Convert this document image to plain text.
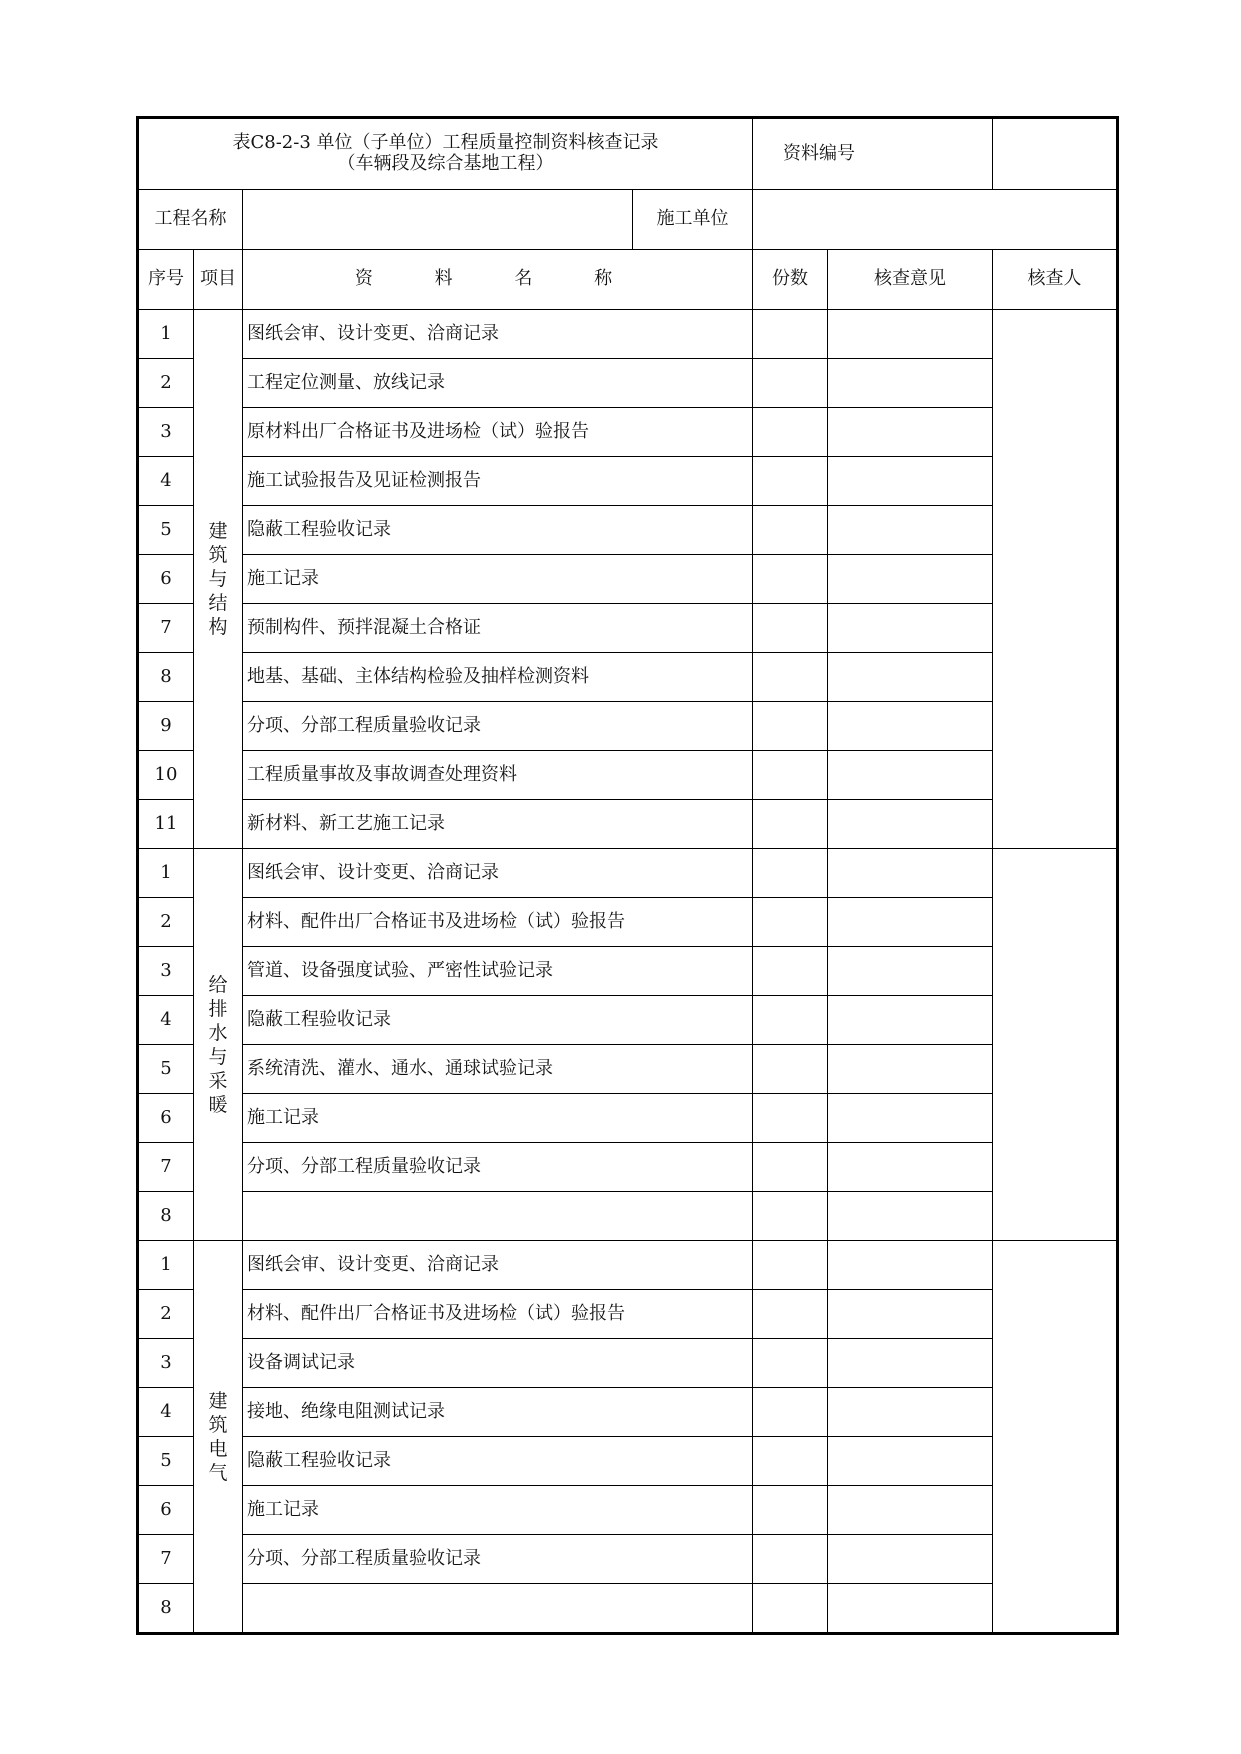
表C8-2-3 单位（子单位）工程质量控制资料核查记录
（车辆段及综合基地工程）				资料编号		
工程名称			施工单位			
序号	项目	资 料 名 称		份数	核查意见	核查人
1	建筑与结构	图纸会审、设计变更、洽商记录				
2		工程定位测量、放线记录				
3		原材料出厂合格证书及进场检（试）验报告				
4		施工试验报告及见证检测报告				
5		隐蔽工程验收记录				
6		施工记录				
7		预制构件、预拌混凝土合格证				
8		地基、基础、主体结构检验及抽样检测资料				
9		分项、分部工程质量验收记录				
10		工程质量事故及事故调查处理资料				
11		新材料、新工艺施工记录				
1	给排水与采暖	图纸会审、设计变更、洽商记录				
2		材料、配件出厂合格证书及进场检（试）验报告				
3		管道、设备强度试验、严密性试验记录				
4		隐蔽工程验收记录				
5		系统清洗、灌水、通水、通球试验记录				
6		施工记录				
7		分项、分部工程质量验收记录				
8						
1	建筑电气	图纸会审、设计变更、洽商记录				
2		材料、配件出厂合格证书及进场检（试）验报告				
3		设备调试记录				
4		接地、绝缘电阻测试记录				
5		隐蔽工程验收记录				
6		施工记录				
7		分项、分部工程质量验收记录				
8						
